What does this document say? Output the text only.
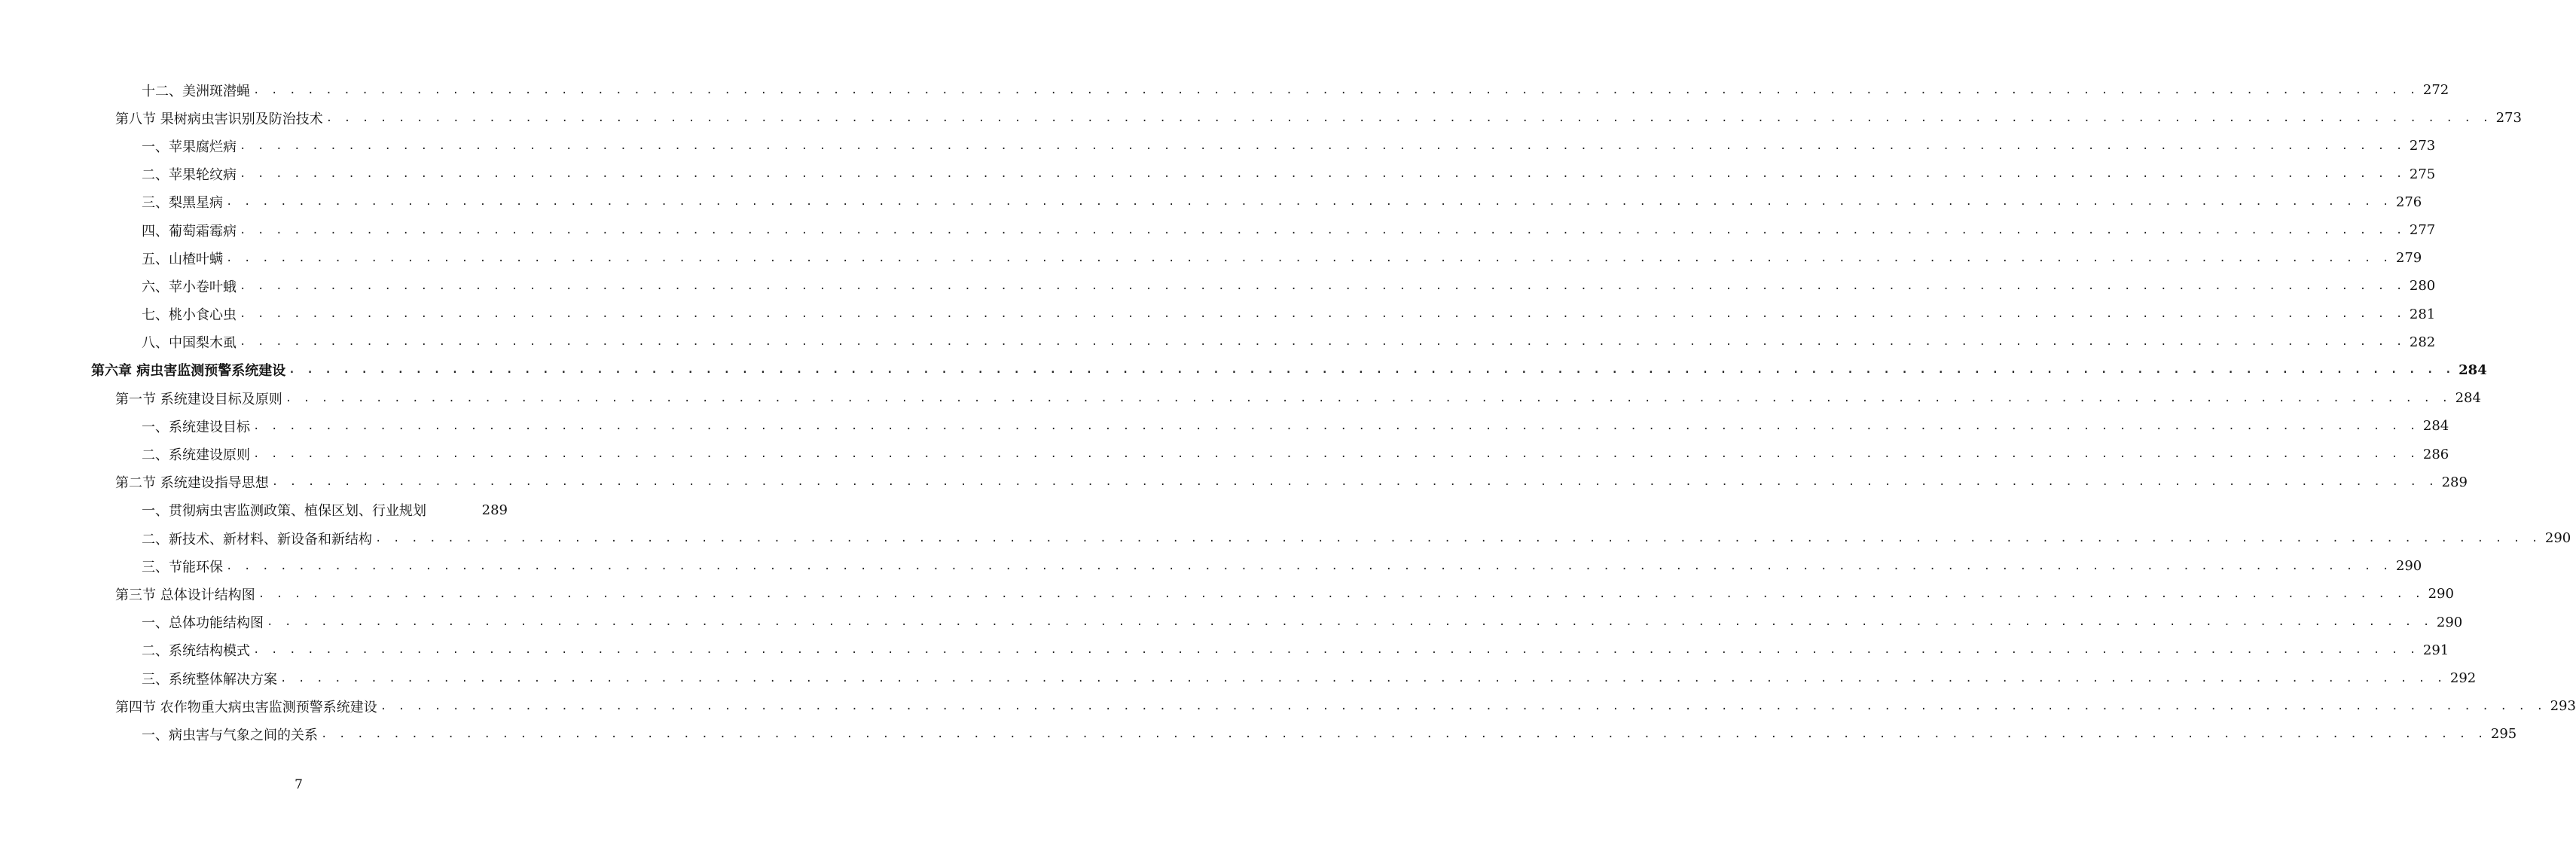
十二、美洲斑潜蝇 . . . . . . . . . . . . . . . . . . . . . . . . . . . . . . . . . . . . . . . . . . . . . . . . . . . . . . . . . . . . . . . . . . . . . . . . . . . . . . . . . . . . . . . . . . . . . . . . . . . . . . . . . . . . . . . . . . . . . . . . 272
第八节 果树病虫害识别及防治技术 . . . . . . . . . . . . . . . . . . . . . . . . . . . . . . . . . . . . . . . . . . . . . . . . . . . . . . . . . . . . . . . . . . . . . . . . . . . . . . . . . . . . . . . . . . . . . . . . . . . . . . . . . . . . . . . . . . . . . . . . 273
一、苹果腐烂病 . . . . . . . . . . . . . . . . . . . . . . . . . . . . . . . . . . . . . . . . . . . . . . . . . . . . . . . . . . . . . . . . . . . . . . . . . . . . . . . . . . . . . . . . . . . . . . . . . . . . . . . . . . . . . . . . . . . . . . . . 273
二、苹果轮纹病 . . . . . . . . . . . . . . . . . . . . . . . . . . . . . . . . . . . . . . . . . . . . . . . . . . . . . . . . . . . . . . . . . . . . . . . . . . . . . . . . . . . . . . . . . . . . . . . . . . . . . . . . . . . . . . . . . . . . . . . . 275
三、梨黑星病 . . . . . . . . . . . . . . . . . . . . . . . . . . . . . . . . . . . . . . . . . . . . . . . . . . . . . . . . . . . . . . . . . . . . . . . . . . . . . . . . . . . . . . . . . . . . . . . . . . . . . . . . . . . . . . . . . . . . . . . . 276
四、葡萄霜霉病 . . . . . . . . . . . . . . . . . . . . . . . . . . . . . . . . . . . . . . . . . . . . . . . . . . . . . . . . . . . . . . . . . . . . . . . . . . . . . . . . . . . . . . . . . . . . . . . . . . . . . . . . . . . . . . . . . . . . . . . . 277
五、山楂叶螨 . . . . . . . . . . . . . . . . . . . . . . . . . . . . . . . . . . . . . . . . . . . . . . . . . . . . . . . . . . . . . . . . . . . . . . . . . . . . . . . . . . . . . . . . . . . . . . . . . . . . . . . . . . . . . . . . . . . . . . . . 279
六、苹小卷叶蛾 . . . . . . . . . . . . . . . . . . . . . . . . . . . . . . . . . . . . . . . . . . . . . . . . . . . . . . . . . . . . . . . . . . . . . . . . . . . . . . . . . . . . . . . . . . . . . . . . . . . . . . . . . . . . . . . . . . . . . . . . 280
七、桃小食心虫 . . . . . . . . . . . . . . . . . . . . . . . . . . . . . . . . . . . . . . . . . . . . . . . . . . . . . . . . . . . . . . . . . . . . . . . . . . . . . . . . . . . . . . . . . . . . . . . . . . . . . . . . . . . . . . . . . . . . . . . . 281
八、中国梨木虱 . . . . . . . . . . . . . . . . . . . . . . . . . . . . . . . . . . . . . . . . . . . . . . . . . . . . . . . . . . . . . . . . . . . . . . . . . . . . . . . . . . . . . . . . . . . . . . . . . . . . . . . . . . . . . . . . . . . . . . . . 282
第六章 病虫害监测预警系统建设 . . . . . . . . . . . . . . . . . . . . . . . . . . . . . . . . . . . . . . . . . . . . . . . . . . . . . . . . . . . . . . . . . . . . . . . . . . . . . . . . . . . . . . . . . . . . . . . . . . . . . . . . . . . . . . . . . . . . . . . . 284
第一节 系统建设目标及原则 . . . . . . . . . . . . . . . . . . . . . . . . . . . . . . . . . . . . . . . . . . . . . . . . . . . . . . . . . . . . . . . . . . . . . . . . . . . . . . . . . . . . . . . . . . . . . . . . . . . . . . . . . . . . . . . . . . . . . . . . 284
一、系统建设目标 . . . . . . . . . . . . . . . . . . . . . . . . . . . . . . . . . . . . . . . . . . . . . . . . . . . . . . . . . . . . . . . . . . . . . . . . . . . . . . . . . . . . . . . . . . . . . . . . . . . . . . . . . . . . . . . . . . . . . . . . 284
二、系统建设原则 . . . . . . . . . . . . . . . . . . . . . . . . . . . . . . . . . . . . . . . . . . . . . . . . . . . . . . . . . . . . . . . . . . . . . . . . . . . . . . . . . . . . . . . . . . . . . . . . . . . . . . . . . . . . . . . . . . . . . . . . 286
第二节 系统建设指导思想 . . . . . . . . . . . . . . . . . . . . . . . . . . . . . . . . . . . . . . . . . . . . . . . . . . . . . . . . . . . . . . . . . . . . . . . . . . . . . . . . . . . . . . . . . . . . . . . . . . . . . . . . . . . . . . . . . . . . . . . . 289
一、贯彻病虫害监测政策、植保区划、行业规划	289
二、新技术、新材料、新设备和新结构 . . . . . . . . . . . . . . . . . . . . . . . . . . . . . . . . . . . . . . . . . . . . . . . . . . . . . . . . . . . . . . . . . . . . . . . . . . . . . . . . . . . . . . . . . . . . . . . . . . . . . . . . . . . . . . . . . . . . . . . . 290
三、节能环保 . . . . . . . . . . . . . . . . . . . . . . . . . . . . . . . . . . . . . . . . . . . . . . . . . . . . . . . . . . . . . . . . . . . . . . . . . . . . . . . . . . . . . . . . . . . . . . . . . . . . . . . . . . . . . . . . . . . . . . . . 290
第三节 总体设计结构图 . . . . . . . . . . . . . . . . . . . . . . . . . . . . . . . . . . . . . . . . . . . . . . . . . . . . . . . . . . . . . . . . . . . . . . . . . . . . . . . . . . . . . . . . . . . . . . . . . . . . . . . . . . . . . . . . . . . . . . . . 290
一、总体功能结构图 . . . . . . . . . . . . . . . . . . . . . . . . . . . . . . . . . . . . . . . . . . . . . . . . . . . . . . . . . . . . . . . . . . . . . . . . . . . . . . . . . . . . . . . . . . . . . . . . . . . . . . . . . . . . . . . . . . . . . . . . 290
二、系统结构模式 . . . . . . . . . . . . . . . . . . . . . . . . . . . . . . . . . . . . . . . . . . . . . . . . . . . . . . . . . . . . . . . . . . . . . . . . . . . . . . . . . . . . . . . . . . . . . . . . . . . . . . . . . . . . . . . . . . . . . . . . 291
三、系统整体解决方案 . . . . . . . . . . . . . . . . . . . . . . . . . . . . . . . . . . . . . . . . . . . . . . . . . . . . . . . . . . . . . . . . . . . . . . . . . . . . . . . . . . . . . . . . . . . . . . . . . . . . . . . . . . . . . . . . . . . . . . . . 292
第四节 农作物重大病虫害监测预警系统建设 . . . . . . . . . . . . . . . . . . . . . . . . . . . . . . . . . . . . . . . . . . . . . . . . . . . . . . . . . . . . . . . . . . . . . . . . . . . . . . . . . . . . . . . . . . . . . . . . . . . . . . . . . . . . . . . . . . . . . . . . 293
一、病虫害与气象之间的关系 . . . . . . . . . . . . . . . . . . . . . . . . . . . . . . . . . . . . . . . . . . . . . . . . . . . . . . . . . . . . . . . . . . . . . . . . . . . . . . . . . . . . . . . . . . . . . . . . . . . . . . . . . . . . . . . . . . . . . . . . 295
7
